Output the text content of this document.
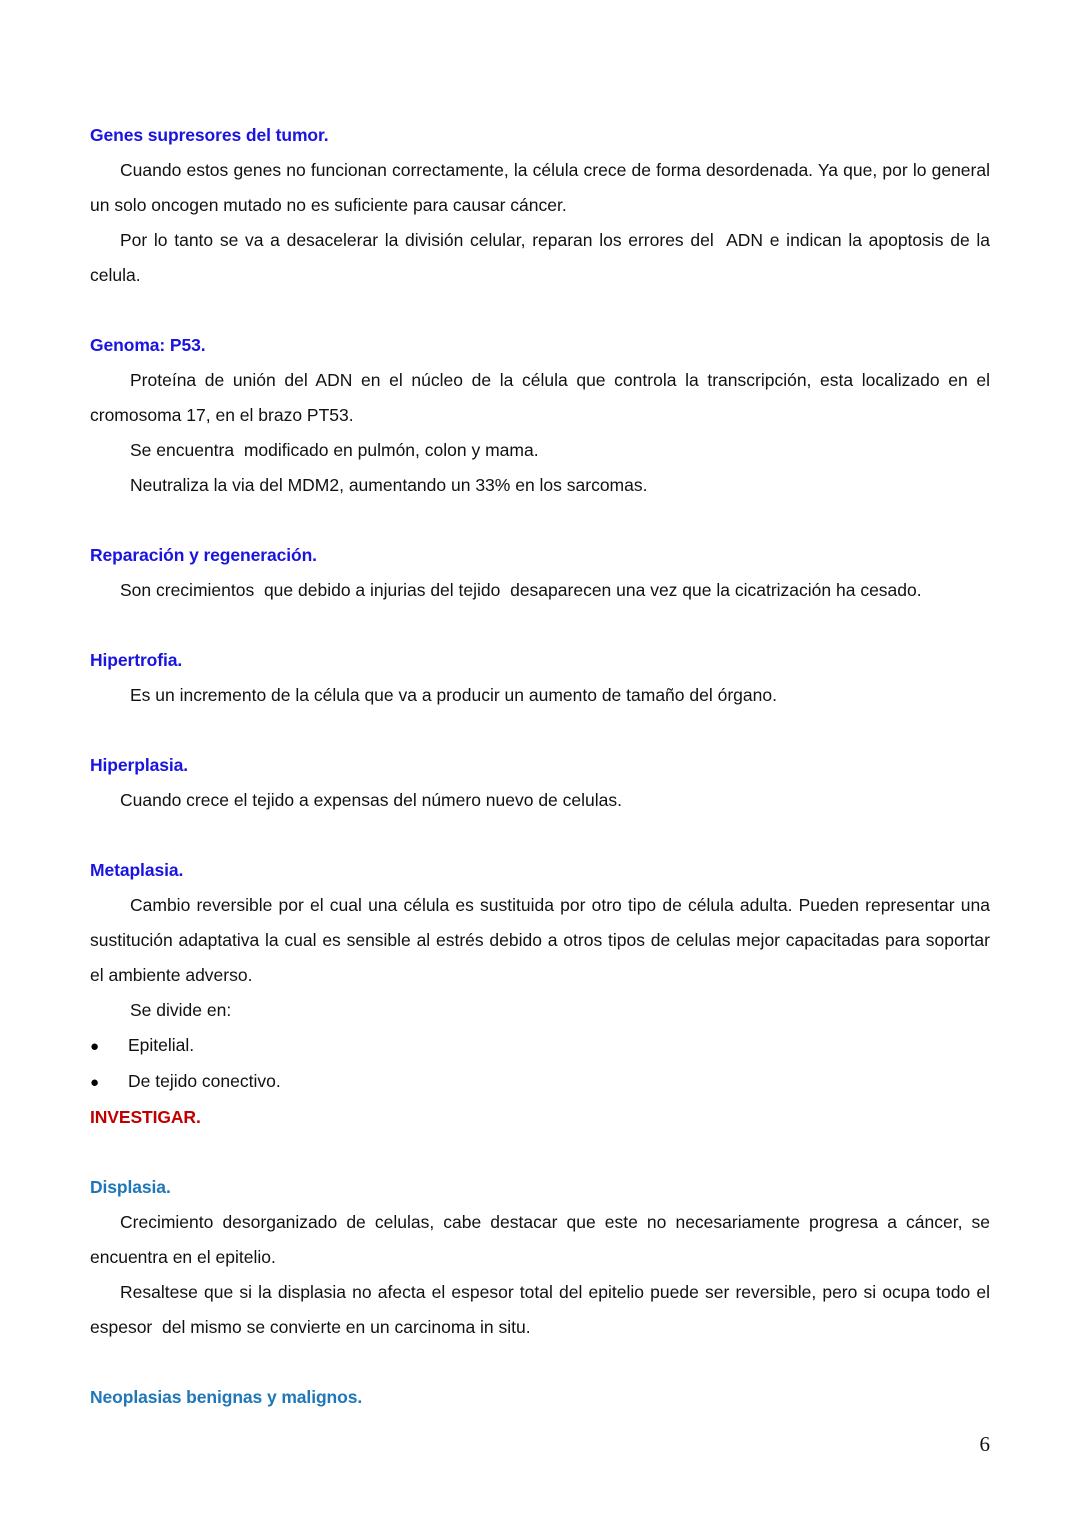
Genes supresores del tumor.

Cuando estos genes no funcionan correctamente, la célula crece de forma desordenada. Ya que, por lo general un solo oncogen mutado no es suficiente para causar cáncer.

Por lo tanto se va a desacelerar la división celular, reparan los errores del  ADN e indican la apoptosis de la celula.

Genoma: P53.

Proteína de unión del ADN en el núcleo de la célula que controla la transcripción, esta localizado en el cromosoma 17, en el brazo PT53.

Se encuentra  modificado en pulmón, colon y mama.

Neutraliza la via del MDM2, aumentando un 33% en los sarcomas.

Reparación y regeneración.

Son crecimientos  que debido a injurias del tejido  desaparecen una vez que la cicatrización ha cesado.

Hipertrofia.

Es un incremento de la célula que va a producir un aumento de tamaño del órgano.

Hiperplasia.

Cuando crece el tejido a expensas del número nuevo de celulas.

Metaplasia.

Cambio reversible por el cual una célula es sustituida por otro tipo de célula adulta. Pueden representar una sustitución adaptativa la cual es sensible al estrés debido a otros tipos de celulas mejor capacitadas para soportar el ambiente adverso.

Se divide en:

●	Epitelial.
●	De tejido conectivo.

INVESTIGAR.

Displasia.

Crecimiento desorganizado de celulas, cabe destacar que este no necesariamente progresa a cáncer, se encuentra en el epitelio.

Resaltese que si la displasia no afecta el espesor total del epitelio puede ser reversible, pero si ocupa todo el espesor  del mismo se convierte en un carcinoma in situ.

Neoplasias benignas y malignos.
6
